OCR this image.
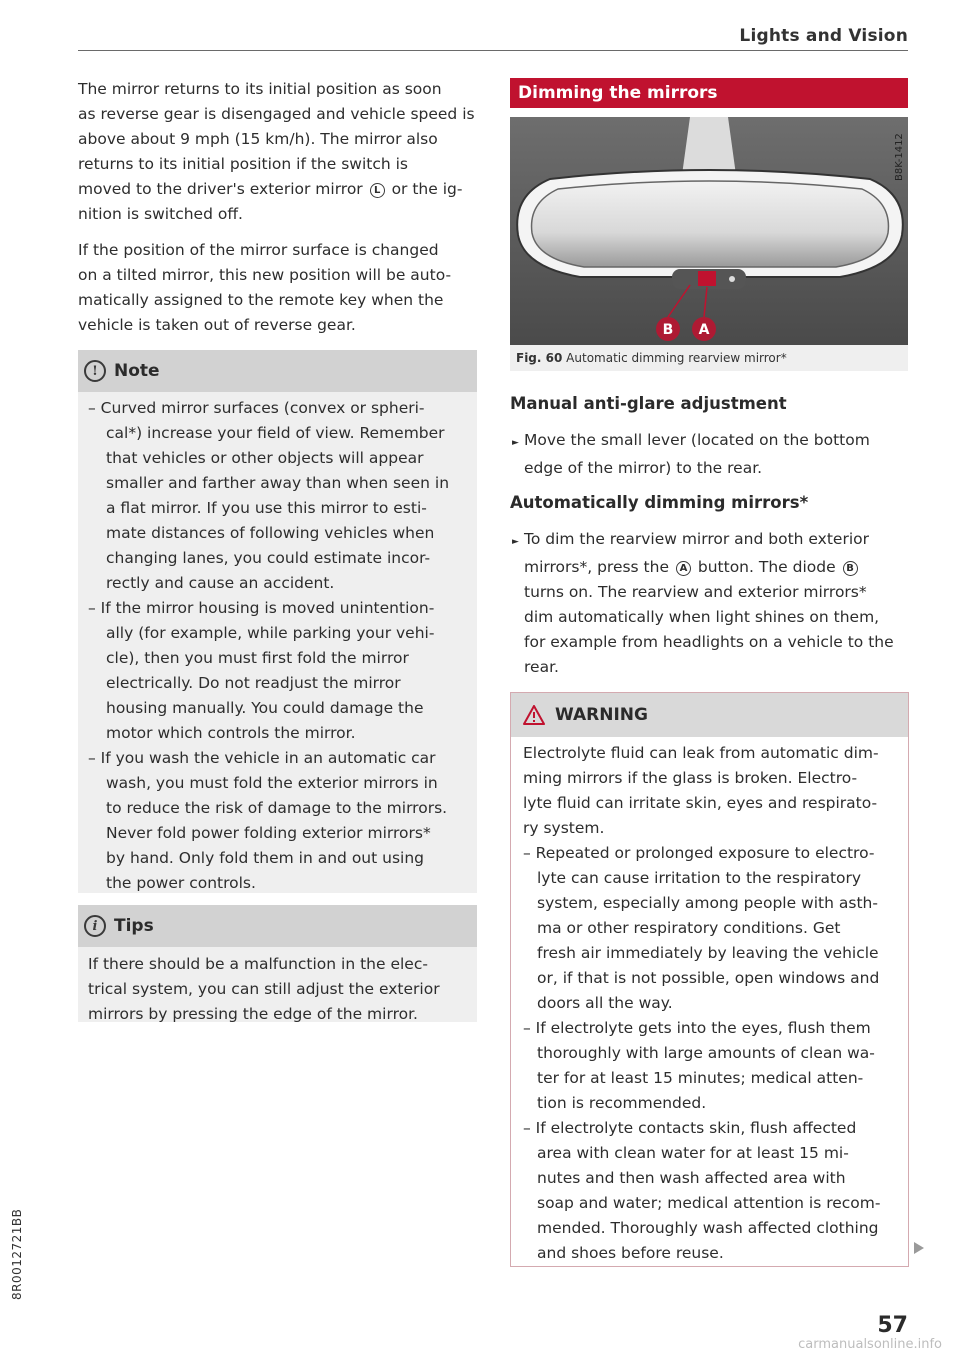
Lights and Vision
The mirror returns to its initial position as soon
as reverse gear is disengaged and vehicle speed is
above about 9 mph (15 km/h). The mirror also
returns to its initial position if the switch is
moved to the driver's exterior mirror L or the ig-
nition is switched off.
If the position of the mirror surface is changed
on a tilted mirror, this new position will be auto-
matically assigned to the remote key when the
vehicle is taken out of reverse gear.
! Note
– Curved mirror surfaces (convex or spheri-
cal*) increase your field of view. Remember
that vehicles or other objects will appear
smaller and farther away than when seen in
a flat mirror. If you use this mirror to esti-
mate distances of following vehicles when
changing lanes, you could estimate incor-
rectly and cause an accident.
– If the mirror housing is moved unintention-
ally (for example, while parking your vehi-
cle), then you must first fold the mirror
electrically. Do not readjust the mirror
housing manually. You could damage the
motor which controls the mirror.
– If you wash the vehicle in an automatic car
wash, you must fold the exterior mirrors in
to reduce the risk of damage to the mirrors.
Never fold power folding exterior mirrors*
by hand. Only fold them in and out using
the power controls.
i Tips
If there should be a malfunction in the elec-
trical system, you can still adjust the exterior
mirrors by pressing the edge of the mirror.
Dimming the mirrors
B A
B8K-1412
Fig. 60
Automatic dimming rearview mirror*
Manual anti-glare adjustment
► Move the small lever (located on the bottom
edge of the mirror) to the rear.
Automatically dimming mirrors*
► To dim the rearview mirror and both exterior
mirrors*, press the A button. The diode B
turns on. The rearview and exterior mirrors*
dim automatically when light shines on them,
for example from headlights on a vehicle to the
rear.
WARNING
Electrolyte fluid can leak from automatic dim-
ming mirrors if the glass is broken. Electro-
lyte fluid can irritate skin, eyes and respirato-
ry system.
– Repeated or prolonged exposure to electro-
lyte can cause irritation to the respiratory
system, especially among people with asth-
ma or other respiratory conditions. Get
fresh air immediately by leaving the vehicle
or, if that is not possible, open windows and
doors all the way.
– If electrolyte gets into the eyes, flush them
thoroughly with large amounts of clean wa-
ter for at least 15 minutes; medical atten-
tion is recommended.
– If electrolyte contacts skin, flush affected
area with clean water for at least 15 mi-
nutes and then wash affected area with
soap and water; medical attention is recom-
mended. Thoroughly wash affected clothing
and shoes before reuse.
8R0012721BB
57
carmanualsonline.info
